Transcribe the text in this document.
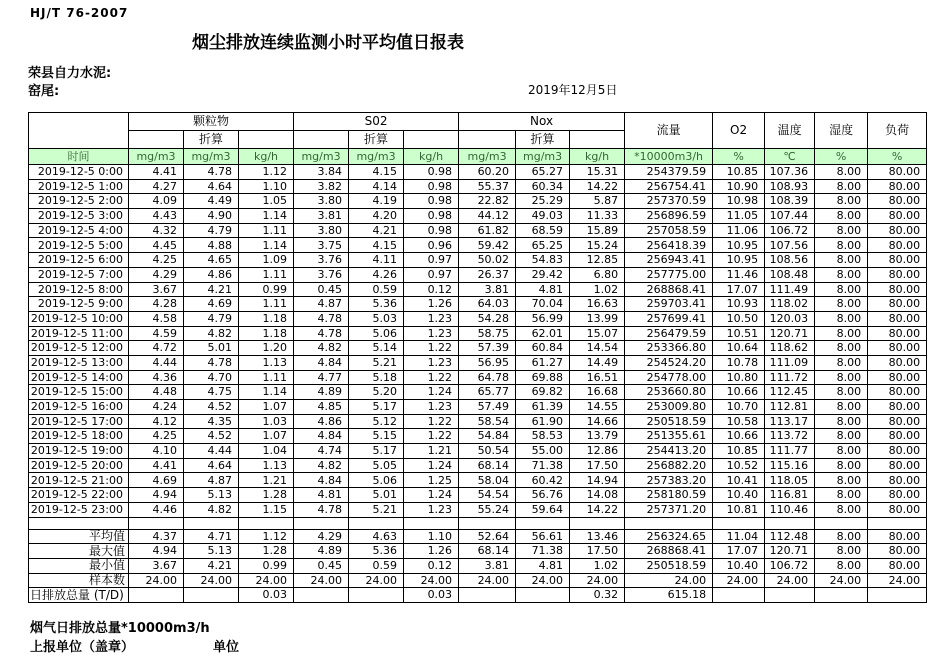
HJ/T 76-2007
烟尘排放连续监测小时平均值日报表
荣县自力水泥:
窑尾:	2019年12月5日
	颗粒物			S02			Nox			流量	O2	温度	湿度	负荷
		折算			折算			折算						
时间	mg/m3	mg/m3	kg/h	mg/m3	mg/m3	kg/h	mg/m3	mg/m3	kg/h	*10000m3/h	%	℃	%	%
2019-12-5 0:00	4.41	4.78	1.12	3.84	4.15	0.98	60.20	65.27	15.31	254379.59	10.85	107.36	8.00	80.00
2019-12-5 1:00	4.27	4.64	1.10	3.82	4.14	0.98	55.37	60.34	14.22	256754.41	10.90	108.93	8.00	80.00
2019-12-5 2:00	4.09	4.49	1.05	3.80	4.19	0.98	22.82	25.29	5.87	257370.59	10.98	108.39	8.00	80.00
2019-12-5 3:00	4.43	4.90	1.14	3.81	4.20	0.98	44.12	49.03	11.33	256896.59	11.05	107.44	8.00	80.00
2019-12-5 4:00	4.32	4.79	1.11	3.80	4.21	0.98	61.82	68.59	15.89	257058.59	11.06	106.72	8.00	80.00
2019-12-5 5:00	4.45	4.88	1.14	3.75	4.15	0.96	59.42	65.25	15.24	256418.39	10.95	107.56	8.00	80.00
2019-12-5 6:00	4.25	4.65	1.09	3.76	4.11	0.97	50.02	54.83	12.85	256943.41	10.95	108.56	8.00	80.00
2019-12-5 7:00	4.29	4.86	1.11	3.76	4.26	0.97	26.37	29.42	6.80	257775.00	11.46	108.48	8.00	80.00
2019-12-5 8:00	3.67	4.21	0.99	0.45	0.59	0.12	3.81	4.81	1.02	268868.41	17.07	111.49	8.00	80.00
2019-12-5 9:00	4.28	4.69	1.11	4.87	5.36	1.26	64.03	70.04	16.63	259703.41	10.93	118.02	8.00	80.00
2019-12-5 10:00	4.58	4.79	1.18	4.78	5.03	1.23	54.28	56.99	13.99	257699.41	10.50	120.03	8.00	80.00
2019-12-5 11:00	4.59	4.82	1.18	4.78	5.06	1.23	58.75	62.01	15.07	256479.59	10.51	120.71	8.00	80.00
2019-12-5 12:00	4.72	5.01	1.20	4.82	5.14	1.22	57.39	60.84	14.54	253366.80	10.64	118.62	8.00	80.00
2019-12-5 13:00	4.44	4.78	1.13	4.84	5.21	1.23	56.95	61.27	14.49	254524.20	10.78	111.09	8.00	80.00
2019-12-5 14:00	4.36	4.70	1.11	4.77	5.18	1.22	64.78	69.88	16.51	254778.00	10.80	111.72	8.00	80.00
2019-12-5 15:00	4.48	4.75	1.14	4.89	5.20	1.24	65.77	69.82	16.68	253660.80	10.66	112.45	8.00	80.00
2019-12-5 16:00	4.24	4.52	1.07	4.85	5.17	1.23	57.49	61.39	14.55	253009.80	10.70	112.81	8.00	80.00
2019-12-5 17:00	4.12	4.35	1.03	4.86	5.12	1.22	58.54	61.90	14.66	250518.59	10.58	113.17	8.00	80.00
2019-12-5 18:00	4.25	4.52	1.07	4.84	5.15	1.22	54.84	58.53	13.79	251355.61	10.66	113.72	8.00	80.00
2019-12-5 19:00	4.10	4.44	1.04	4.74	5.17	1.21	50.54	55.00	12.86	254413.20	10.85	111.77	8.00	80.00
2019-12-5 20:00	4.41	4.64	1.13	4.82	5.05	1.24	68.14	71.38	17.50	256882.20	10.52	115.16	8.00	80.00
2019-12-5 21:00	4.69	4.87	1.21	4.84	5.06	1.25	58.04	60.42	14.94	257383.20	10.41	118.05	8.00	80.00
2019-12-5 22:00	4.94	5.13	1.28	4.81	5.01	1.24	54.54	56.76	14.08	258180.59	10.40	116.81	8.00	80.00
2019-12-5 23:00	4.46	4.82	1.15	4.78	5.21	1.23	55.24	59.64	14.22	257371.20	10.81	110.46	8.00	80.00

平均值	4.37	4.71	1.12	4.29	4.63	1.10	52.64	56.61	13.46	256324.65	11.04	112.48	8.00	80.00
最大值	4.94	5.13	1.28	4.89	5.36	1.26	68.14	71.38	17.50	268868.41	17.07	120.71	8.00	80.00
最小值	3.67	4.21	0.99	0.45	0.59	0.12	3.81	4.81	1.02	250518.59	10.40	106.72	8.00	80.00
样本数	24.00	24.00	24.00	24.00	24.00	24.00	24.00	24.00	24.00	24.00	24.00	24.00	24.00	24.00
日排放总量 (T/D)			0.03			0.03			0.32	615.18				
烟气日排放总量*10000m3/h
上报单位（盖章）	单位
